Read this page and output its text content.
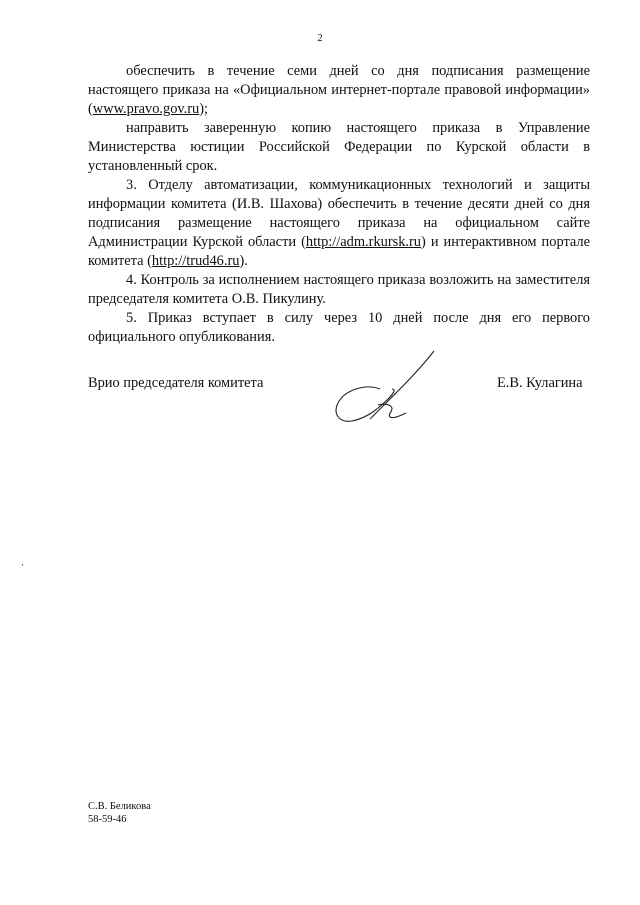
2

обеспечить в течение семи дней со дня подписания размещение настоящего приказа на «Официальном интернет-портале правовой информации» (www.pravo.gov.ru);

направить заверенную копию настоящего приказа в Управление Министерства юстиции Российской Федерации по Курской области в установленный срок.

3. Отделу автоматизации, коммуникационных технологий и защиты информации комитета (И.В. Шахова) обеспечить в течение десяти дней со дня подписания размещение настоящего приказа на официальном сайте Администрации Курской области (http://adm.rkursk.ru) и интерактивном портале комитета (http://trud46.ru).

4. Контроль за исполнением настоящего приказа возложить на заместителя председателя комитета О.В. Пикулину.

5. Приказ вступает в силу через 10 дней после дня его первого официального опубликования.

Врио председателя комитета	Е.В. Кулагина
С.В. Беликова
58-59-46
